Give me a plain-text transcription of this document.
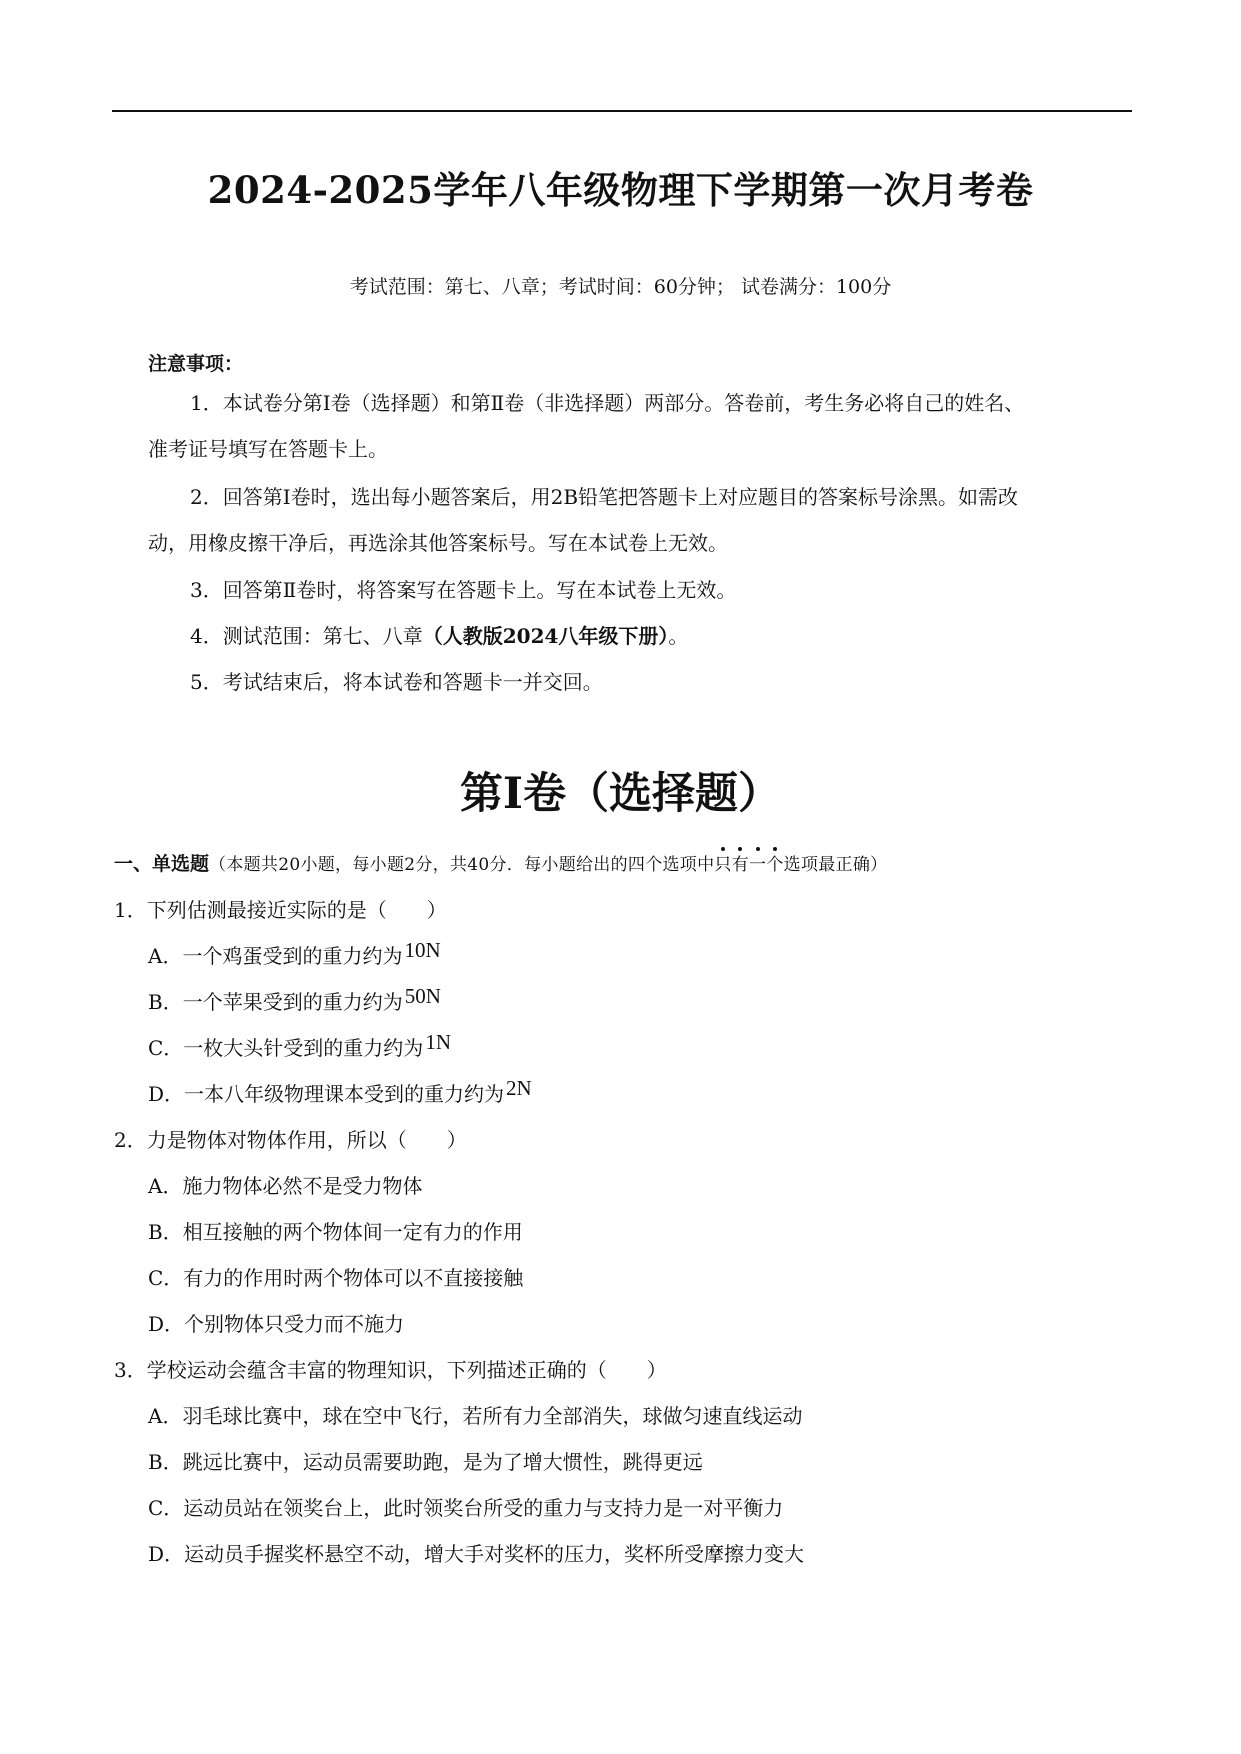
2024-2025学年八年级物理下学期第一次月考卷
考试范围：第七、八章；考试时间：60分钟； 试卷满分：100分
注意事项：
1．本试卷分第Ⅰ卷（选择题）和第Ⅱ卷（非选择题）两部分。答卷前，考生务必将自己的姓名、
准考证号填写在答题卡上。
2．回答第Ⅰ卷时，选出每小题答案后，用2B铅笔把答题卡上对应题目的答案标号涂黑。如需改
动，用橡皮擦干净后，再选涂其他答案标号。写在本试卷上无效。
3．回答第Ⅱ卷时，将答案写在答题卡上。写在本试卷上无效。
4．测试范围：第七、八章（人教版2024八年级下册）。
5．考试结束后，将本试卷和答题卡一并交回。
第Ⅰ卷（选择题）
一、单选题（本题共20小题，每小题2分，共40分．每小题给出的四个选项中只有一个选项最正确）
1．下列估测最接近实际的是（　　）
A．一个鸡蛋受到的重力约为10N
B．一个苹果受到的重力约为50N
C．一枚大头针受到的重力约为1N
D．一本八年级物理课本受到的重力约为2N
2．力是物体对物体作用，所以（　　）
A．施力物体必然不是受力物体
B．相互接触的两个物体间一定有力的作用
C．有力的作用时两个物体可以不直接接触
D．个别物体只受力而不施力
3．学校运动会蕴含丰富的物理知识，下列描述正确的（　　）
A．羽毛球比赛中，球在空中飞行，若所有力全部消失，球做匀速直线运动
B．跳远比赛中，运动员需要助跑，是为了增大惯性，跳得更远
C．运动员站在领奖台上，此时领奖台所受的重力与支持力是一对平衡力
D．运动员手握奖杯悬空不动，增大手对奖杯的压力，奖杯所受摩擦力变大
